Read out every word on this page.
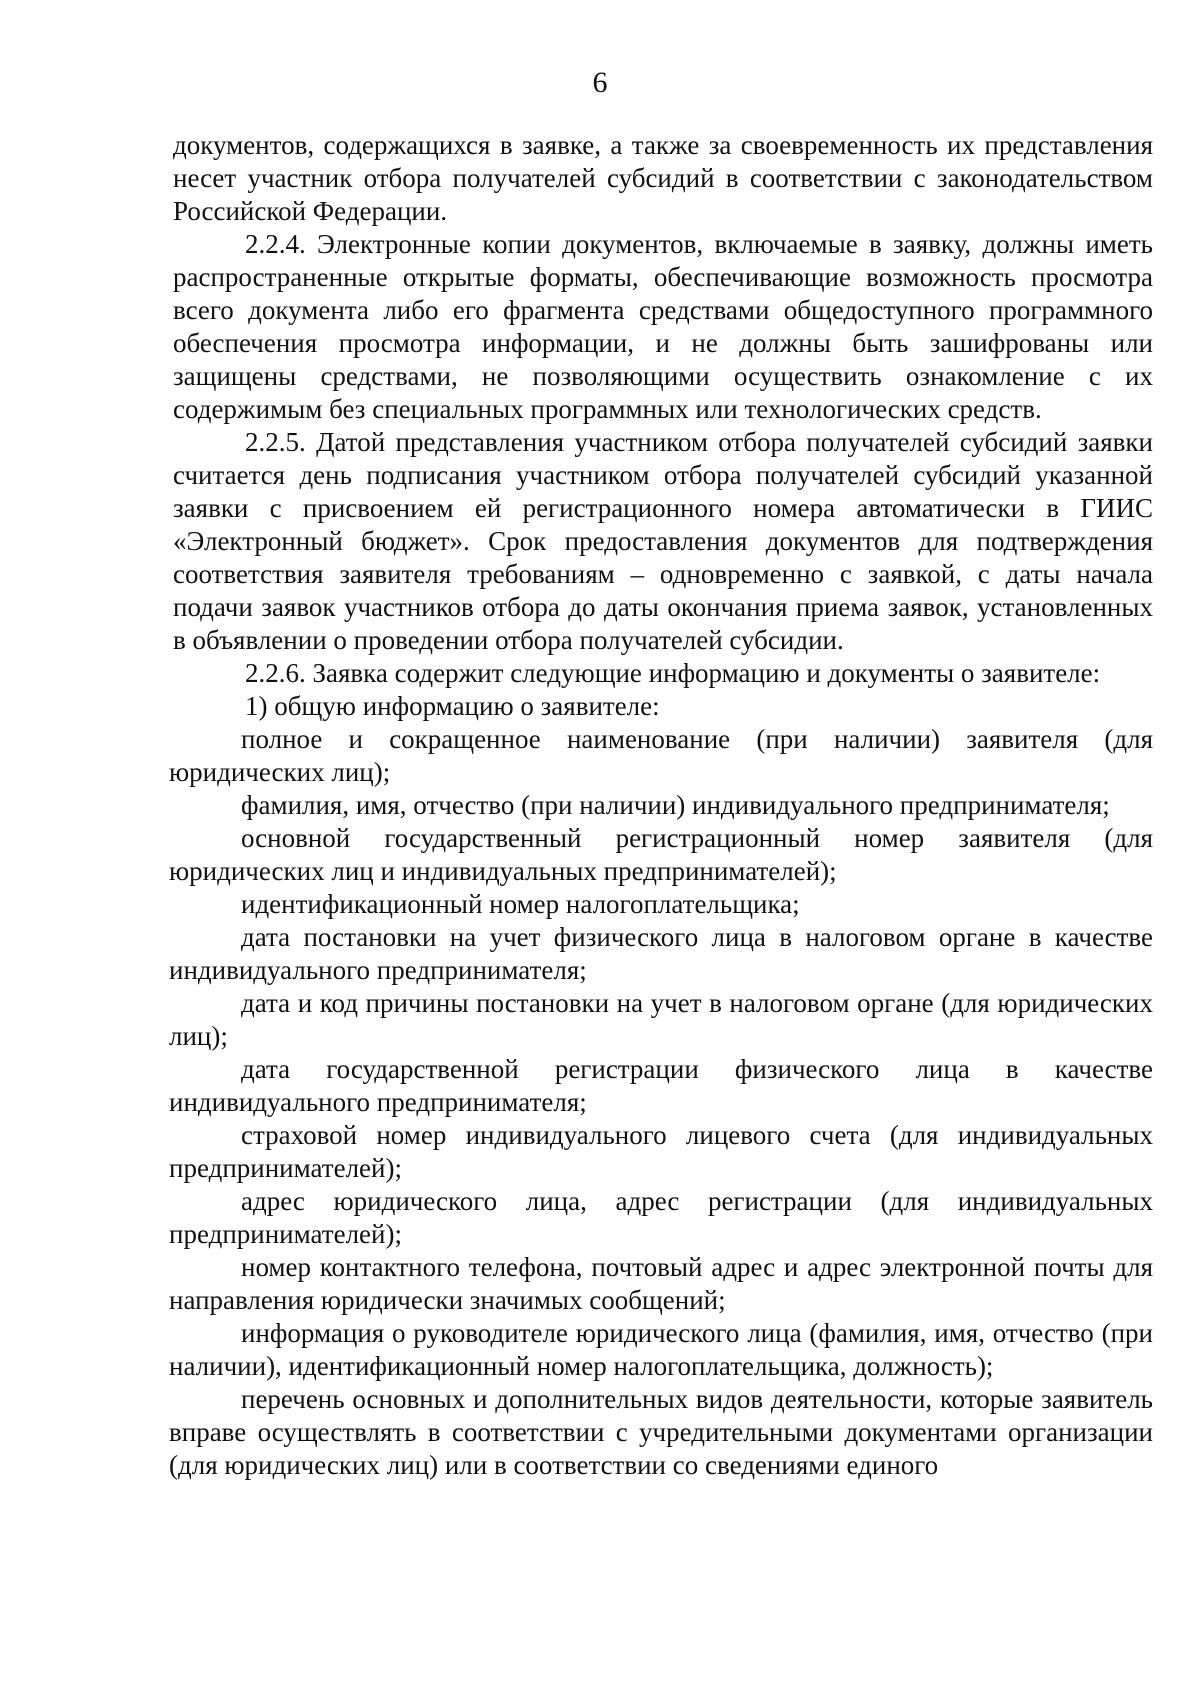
6

документов, содержащихся в заявке, а также за своевременность их представления несет участник отбора получателей субсидий в соответствии с законодательством Российской Федерации.

2.2.4. Электронные копии документов, включаемые в заявку, должны иметь распространенные открытые форматы, обеспечивающие возможность просмотра всего документа либо его фрагмента средствами общедоступного программного обеспечения просмотра информации, и не должны быть зашифрованы или защищены средствами, не позволяющими осуществить ознакомление с их содержимым без специальных программных или технологических средств.

2.2.5. Датой представления участником отбора получателей субсидий заявки считается день подписания участником отбора получателей субсидий указанной заявки с присвоением ей регистрационного номера автоматически в ГИИС «Электронный бюджет». Срок предоставления документов для подтверждения соответствия заявителя требованиям – одновременно с заявкой, с даты начала подачи заявок участников отбора до даты окончания приема заявок, установленных в объявлении о проведении отбора получателей субсидии.

2.2.6. Заявка содержит следующие информацию и документы о заявителе:

1) общую информацию о заявителе:

полное и сокращенное наименование (при наличии) заявителя (для юридических лиц);

фамилия, имя, отчество (при наличии) индивидуального предпринимателя;

основной государственный регистрационный номер заявителя (для юридических лиц и индивидуальных предпринимателей);

идентификационный номер налогоплательщика;

дата постановки на учет физического лица в налоговом органе в качестве индивидуального предпринимателя;

дата и код причины постановки на учет в налоговом органе (для юридических лиц);

дата государственной регистрации физического лица в качестве индивидуального предпринимателя;

страховой номер индивидуального лицевого счета (для индивидуальных предпринимателей);

адрес юридического лица, адрес регистрации (для индивидуальных предпринимателей);

номер контактного телефона, почтовый адрес и адрес электронной почты для направления юридически значимых сообщений;

информация о руководителе юридического лица (фамилия, имя, отчество (при наличии), идентификационный номер налогоплательщика, должность);

перечень основных и дополнительных видов деятельности, которые заявитель вправе осуществлять в соответствии с учредительными документами организации (для юридических лиц) или в соответствии со сведениями единого
